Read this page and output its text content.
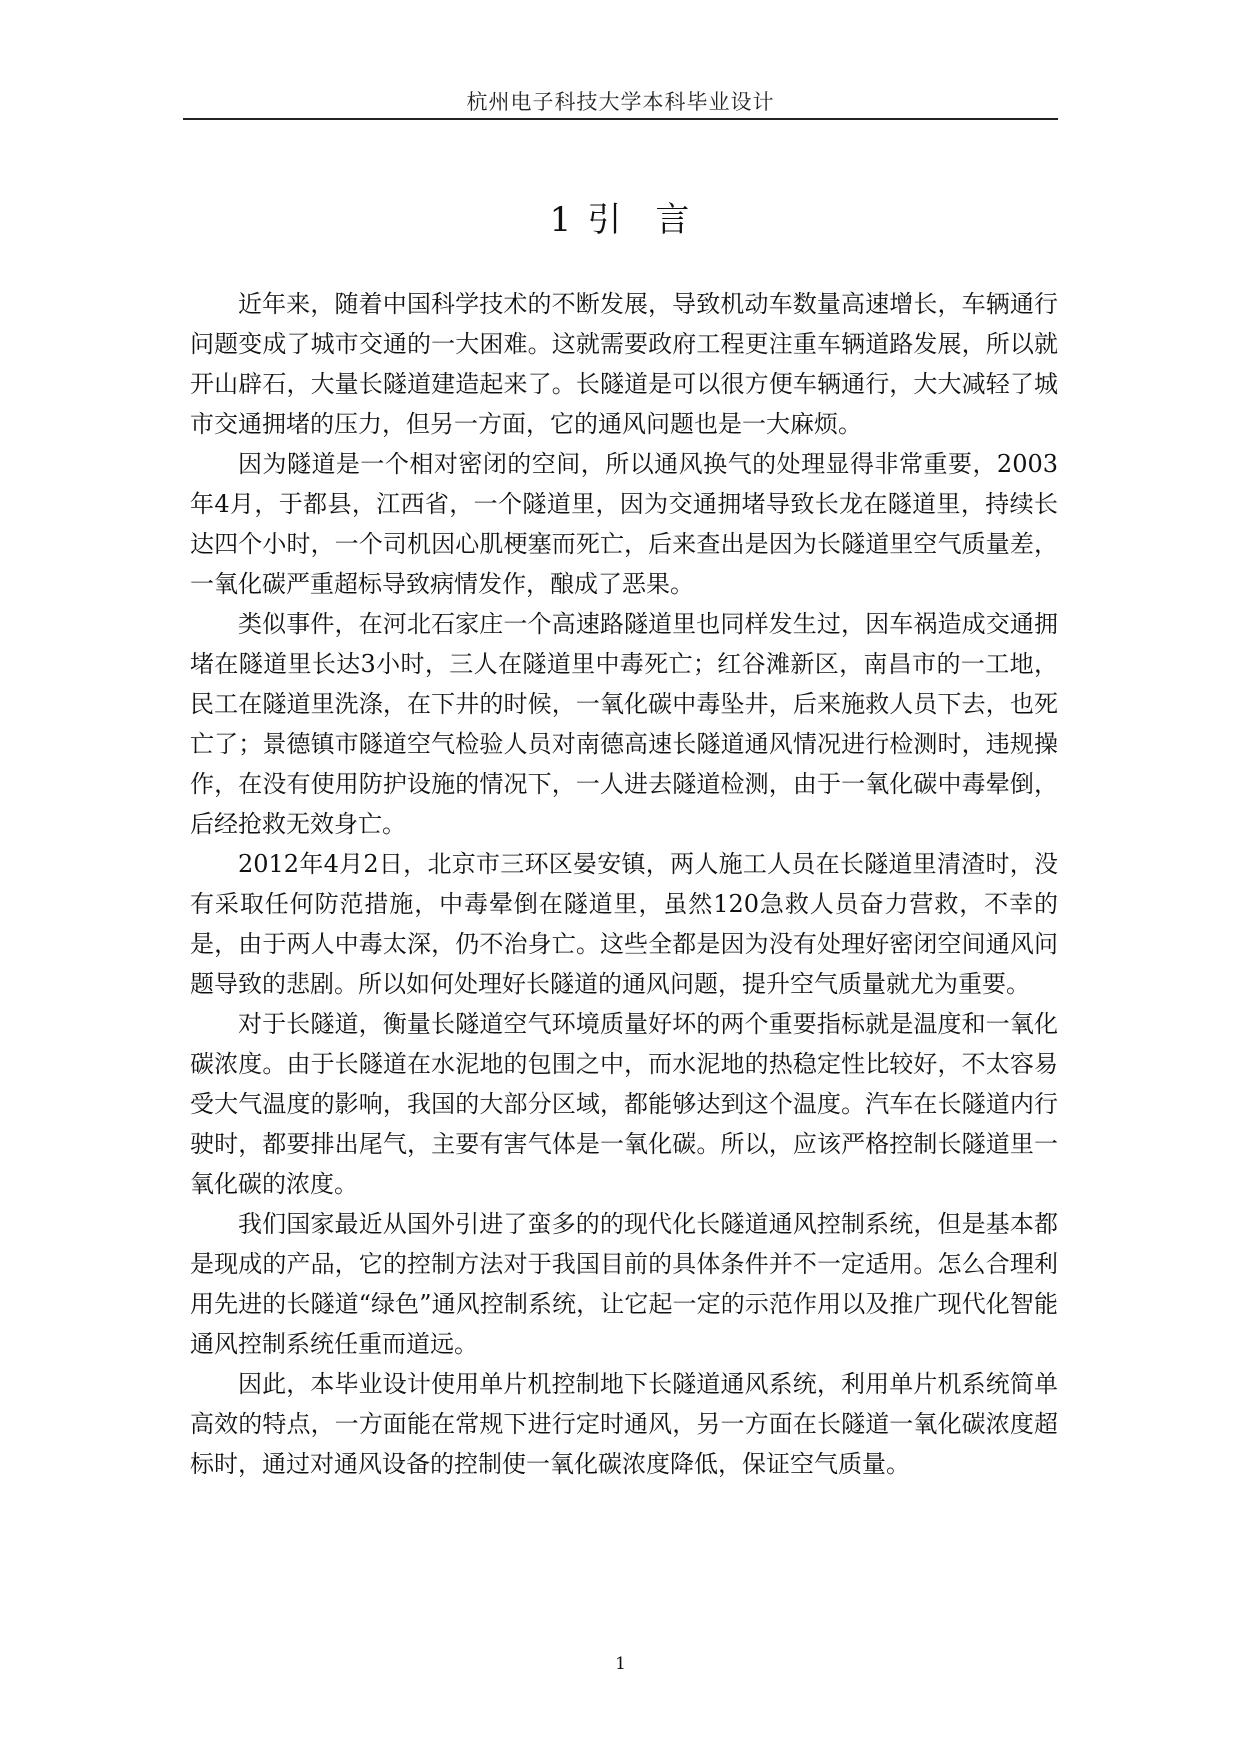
杭州电子科技大学本科毕业设计
1 引 言

近年来，随着中国科学技术的不断发展，导致机动车数量高速增长，车辆通行问题变成了城市交通的一大困难。这就需要政府工程更注重车辆道路发展，所以就开山辟石，大量长隧道建造起来了。长隧道是可以很方便车辆通行，大大减轻了城市交通拥堵的压力，但另一方面，它的通风问题也是一大麻烦。

因为隧道是一个相对密闭的空间，所以通风换气的处理显得非常重要，2003年4月，于都县，江西省，一个隧道里，因为交通拥堵导致长龙在隧道里，持续长达四个小时，一个司机因心肌梗塞而死亡，后来查出是因为长隧道里空气质量差，一氧化碳严重超标导致病情发作，酿成了恶果。

类似事件，在河北石家庄一个高速路隧道里也同样发生过，因车祸造成交通拥堵在隧道里长达3小时，三人在隧道里中毒死亡；红谷滩新区，南昌市的一工地，民工在隧道里洗涤，在下井的时候，一氧化碳中毒坠井，后来施救人员下去，也死亡了；景德镇市隧道空气检验人员对南德高速长隧道通风情况进行检测时，违规操作，在没有使用防护设施的情况下，一人进去隧道检测，由于一氧化碳中毒晕倒，后经抢救无效身亡。

2012年4月2日，北京市三环区晏安镇，两人施工人员在长隧道里清渣时，没有采取任何防范措施，中毒晕倒在隧道里，虽然120急救人员奋力营救，不幸的是，由于两人中毒太深，仍不治身亡。这些全都是因为没有处理好密闭空间通风问题导致的悲剧。所以如何处理好长隧道的通风问题，提升空气质量就尤为重要。

对于长隧道，衡量长隧道空气环境质量好坏的两个重要指标就是温度和一氧化碳浓度。由于长隧道在水泥地的包围之中，而水泥地的热稳定性比较好，不太容易受大气温度的影响，我国的大部分区域，都能够达到这个温度。汽车在长隧道内行驶时，都要排出尾气，主要有害气体是一氧化碳。所以，应该严格控制长隧道里一氧化碳的浓度。

我们国家最近从国外引进了蛮多的的现代化长隧道通风控制系统，但是基本都是现成的产品，它的控制方法对于我国目前的具体条件并不一定适用。怎么合理利用先进的长隧道“绿色”通风控制系统，让它起一定的示范作用以及推广现代化智能通风控制系统任重而道远。

因此，本毕业设计使用单片机控制地下长隧道通风系统，利用单片机系统简单高效的特点，一方面能在常规下进行定时通风，另一方面在长隧道一氧化碳浓度超标时，通过对通风设备的控制使一氧化碳浓度降低，保证空气质量。

1
